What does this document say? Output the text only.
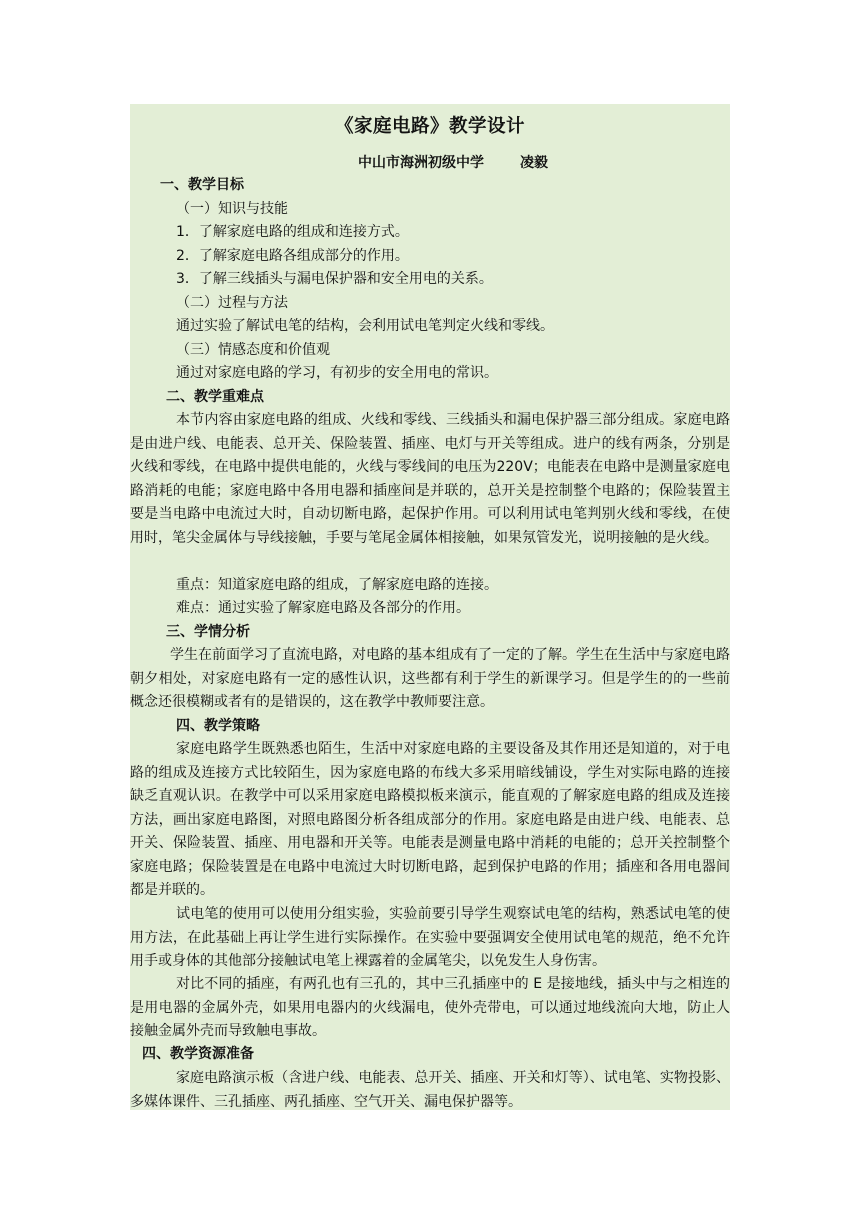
《家庭电路》教学设计
中山市海洲初级中学	凌毅
一、教学目标
（一）知识与技能
1．了解家庭电路的组成和连接方式。
2．了解家庭电路各组成部分的作用。
3．了解三线插头与漏电保护器和安全用电的关系。
（二）过程与方法
通过实验了解试电笔的结构，会利用试电笔判定火线和零线。
（三）情感态度和价值观
通过对家庭电路的学习，有初步的安全用电的常识。
二、教学重难点

本节内容由家庭电路的组成、火线和零线、三线插头和漏电保护器三部分组成。家庭电路是由进户线、电能表、总开关、保险装置、插座、电灯与开关等组成。进户的线有两条，分别是火线和零线，在电路中提供电能的，火线与零线间的电压为220V；电能表在电路中是测量家庭电路消耗的电能；家庭电路中各用电器和插座间是并联的，总开关是控制整个电路的；保险装置主要是当电路中电流过大时，自动切断电路，起保护作用。可以利用试电笔判别火线和零线，在使用时，笔尖金属体与导线接触，手要与笔尾金属体相接触，如果氖管发光，说明接触的是火线。

重点：知道家庭电路的组成，了解家庭电路的连接。
难点：通过实验了解家庭电路及各部分的作用。
三、学情分析

学生在前面学习了直流电路，对电路的基本组成有了一定的了解。学生在生活中与家庭电路朝夕相处，对家庭电路有一定的感性认识，这些都有利于学生的新课学习。但是学生的的一些前概念还很模糊或者有的是错误的，这在教学中教师要注意。

四、教学策略

家庭电路学生既熟悉也陌生，生活中对家庭电路的主要设备及其作用还是知道的，对于电路的组成及连接方式比较陌生，因为家庭电路的布线大多采用暗线铺设，学生对实际电路的连接缺乏直观认识。在教学中可以采用家庭电路模拟板来演示，能直观的了解家庭电路的组成及连接方法，画出家庭电路图，对照电路图分析各组成部分的作用。家庭电路是由进户线、电能表、总开关、保险装置、插座、用电器和开关等。电能表是测量电路中消耗的电能的；总开关控制整个家庭电路；保险装置是在电路中电流过大时切断电路，起到保护电路的作用；插座和各用电器间都是并联的。

试电笔的使用可以使用分组实验，实验前要引导学生观察试电笔的结构，熟悉试电笔的使用方法，在此基础上再让学生进行实际操作。在实验中要强调安全使用试电笔的规范，绝不允许用手或身体的其他部分接触试电笔上裸露着的金属笔尖，以免发生人身伤害。

对比不同的插座，有两孔也有三孔的，其中三孔插座中的 E 是接地线，插头中与之相连的是用电器的金属外壳，如果用电器内的火线漏电，使外壳带电，可以通过地线流向大地，防止人接触金属外壳而导致触电事故。

四、教学资源准备

家庭电路演示板（含进户线、电能表、总开关、插座、开关和灯等）、试电笔、实物投影、多媒体课件、三孔插座、两孔插座、空气开关、漏电保护器等。
